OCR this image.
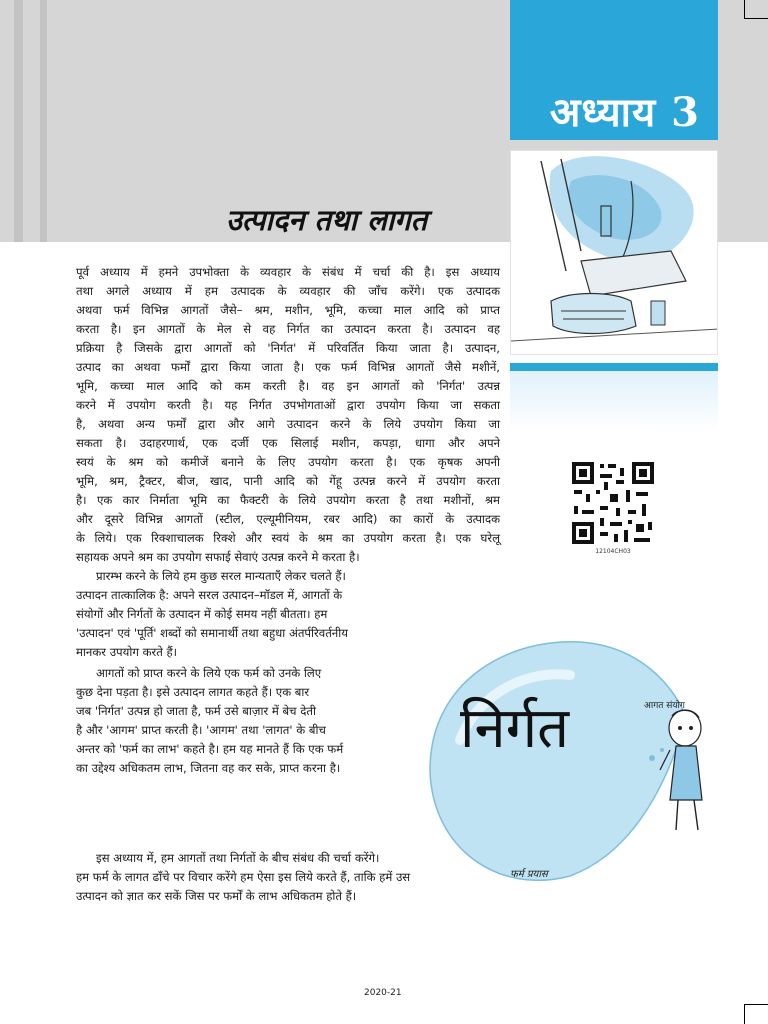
अध्याय 3
उत्पादन तथा लागत
12104CH03
पूर्व अध्याय में हमने उपभोक्ता के व्यवहार के संबंध में चर्चा की है। इस अध्याय
तथा अगले अध्याय में हम उत्पादक के व्यवहार की जाँच करेंगे। एक उत्पादक
अथवा फर्म विभिन्न आगतों जैसे– श्रम, मशीन, भूमि, कच्चा माल आदि को प्राप्त
करता है। इन आगतों के मेल से वह निर्गत का उत्पादन करता है। उत्पादन वह
प्रक्रिया है जिसके द्वारा आगतों को 'निर्गत' में परिवर्तित किया जाता है। उत्पादन,
उत्पाद का अथवा फर्मों द्वारा किया जाता है। एक फर्म विभिन्न आगतों जैसे मशीनें,
भूमि, कच्चा माल आदि को कम करती है। वह इन आगतों को 'निर्गत' उत्पन्न
करने में उपयोग करती है। यह निर्गत उपभोगताओं द्वारा उपयोग किया जा सकता
है, अथवा अन्य फर्मों द्वारा और आगे उत्पादन करने के लिये उपयोग किया जा
सकता है। उदाहरणार्थ, एक दर्जी एक सिलाई मशीन, कपड़ा, धागा और अपने
स्वयं के श्रम को कमीजें बनाने के लिए उपयोग करता है। एक कृषक अपनी
भूमि, श्रम, ट्रैक्टर, बीज, खाद, पानी आदि को गेंहू उत्पन्न करने में उपयोग करता
है। एक कार निर्माता भूमि का फैक्टरी के लिये उपयोग करता है तथा मशीनों, श्रम
और दूसरे विभिन्न आगतों (स्टील, एल्यूमीनियम, रबर आदि) का कारों के उत्पादक
के लिये। एक रिक्शाचालक रिक्शे और स्वयं के श्रम का उपयोग करता है। एक घरेलू
सहायक अपने श्रम का उपयोग सफाई सेवाएं उत्पन्न करने मे करता है।
प्रारम्भ करने के लिये हम कुछ सरल मान्यताएँ लेकर चलते हैं।
उत्पादन तात्कालिक है: अपने सरल उत्पादन–मॉडल में, आगतों के
संयोगों और निर्गतों के उत्पादन में कोई समय नहीं बीतता। हम
'उत्पादन' एवं 'पूर्ति' शब्दों को समानार्थी तथा बहुधा अंतर्परिवर्तनीय
मानकर उपयोग करते हैं।
आगतों को प्राप्त करने के लिये एक फर्म को उनके लिए
कुछ देना पड़ता है। इसे उत्पादन लागत कहते हैं। एक बार
जब 'निर्गत' उत्पन्न हो जाता है, फर्म उसे बाज़ार में बेच देती
है और 'आगम' प्राप्त करती है। 'आगम' तथा 'लागत' के बीच
अन्तर को 'फर्म का लाभ' कहते है। हम यह मानते हैं कि एक फर्म
का उद्देश्य अधिकतम लाभ, जितना वह कर सके, प्राप्त करना है।
निर्गत	आगत संयोग
फर्म प्रयास
इस अध्याय में, हम आगतों तथा निर्गतों के बीच संबंध की चर्चा करेंगे।
हम फर्म के लागत ढाँचे पर विचार करेंगे हम ऐसा इस लिये करते हैं, ताकि हमें उस
उत्पादन को ज्ञात कर सकें जिस पर फर्मों के लाभ अधिकतम होते हैं।
2020-21
